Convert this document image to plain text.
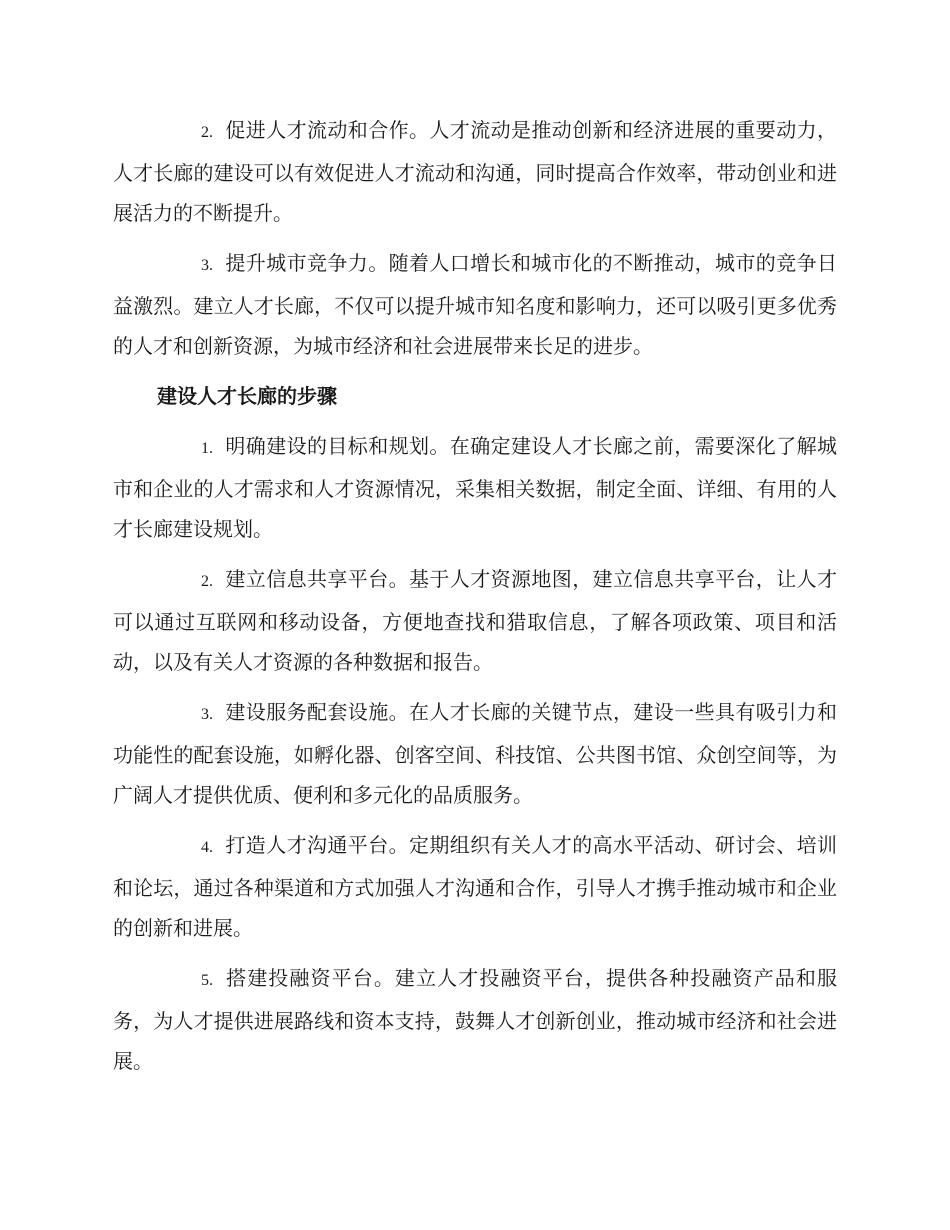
2. 促进人才流动和合作。人才流动是推动创新和经济进展的重要动力，人才长廊的建设可以有效促进人才流动和沟通，同时提高合作效率，带动创业和进展活力的不断提升。

3. 提升城市竞争力。随着人口增长和城市化的不断推动，城市的竞争日益激烈。建立人才长廊，不仅可以提升城市知名度和影响力，还可以吸引更多优秀的人才和创新资源，为城市经济和社会进展带来长足的进步。

建设人才长廊的步骤

1. 明确建设的目标和规划。在确定建设人才长廊之前，需要深化了解城市和企业的人才需求和人才资源情况，采集相关数据，制定全面、详细、有用的人才长廊建设规划。

2. 建立信息共享平台。基于人才资源地图，建立信息共享平台，让人才可以通过互联网和移动设备，方便地查找和猎取信息，了解各项政策、项目和活动，以及有关人才资源的各种数据和报告。

3. 建设服务配套设施。在人才长廊的关键节点，建设一些具有吸引力和功能性的配套设施，如孵化器、创客空间、科技馆、公共图书馆、众创空间等，为广阔人才提供优质、便利和多元化的品质服务。

4. 打造人才沟通平台。定期组织有关人才的高水平活动、研讨会、培训和论坛，通过各种渠道和方式加强人才沟通和合作，引导人才携手推动城市和企业的创新和进展。

5. 搭建投融资平台。建立人才投融资平台，提供各种投融资产品和服务，为人才提供进展路线和资本支持，鼓舞人才创新创业，推动城市经济和社会进展。
